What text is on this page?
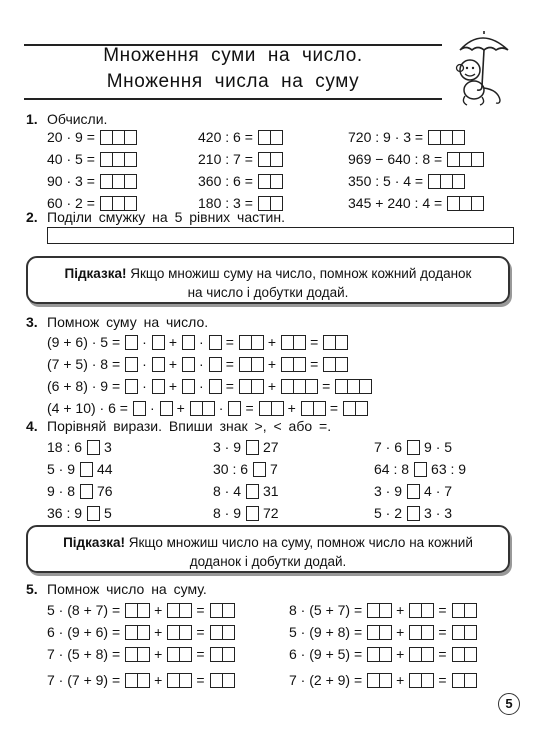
Множення суми на число.
Множення числа на суму
1. Обчисли.
20 · 9 =
40 · 5 =
90 · 3 =
60 · 2 =
420 : 6 =
210 : 7 =
360 : 6 =
180 : 3 =
720 : 9 · 3 =
969 − 640 : 8 =
350 : 5 · 4 =
345 + 240 : 4 =
2. Поділи смужку на 5 рівних частин.
Підказка! Якщо множиш суму на число, помнож кожний доданок
на число і добутки додай.
3. Помнож суму на число.
(9 + 6) · 5 = · + · = + =
(7 + 5) · 8 = · + · = + =
(6 + 8) · 9 = · + · = +	=
(4 + 10) · 6 = · + · = + =
4. Порівняй вирази. Впиши знак >, < або =.
18 : 6 3
5 · 9 44
9 · 8 76
36 : 9 5
3 · 9 27
30 : 6 7
8 · 4 31
8 · 9 72
7 · 6 9 · 5
64 : 8 63 : 9
3 · 9 4 · 7
5 · 2 3 · 3
Підказка! Якщо множиш число на суму, помнож число на кожний
доданок і добутки додай.
5. Помнож число на суму.
5 · (8 + 7) = + =
6 · (9 + 6) = + =
7 · (5 + 8) = + =
7 · (7 + 9) = + =
8 · (5 + 7) = + =
5 · (9 + 8) = + =
6 · (9 + 5) = + =
7 · (2 + 9) = + =
5
